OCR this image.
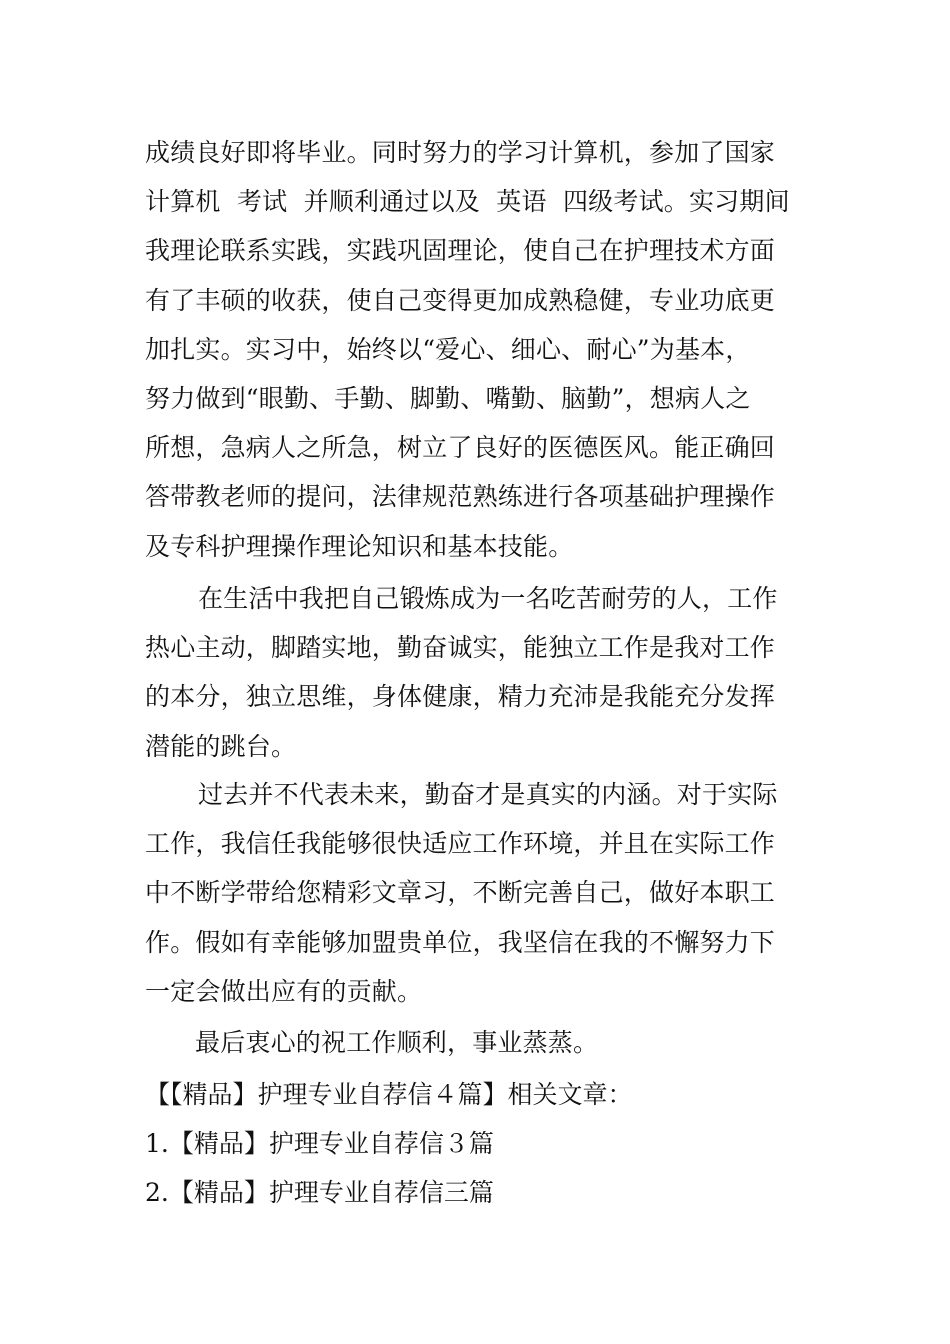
成绩良好即将毕业。同时努力的学习计算机，参加了国家
计算机  考试  并顺利通过以及  英语  四级考试。实习期间
我理论联系实践，实践巩固理论，使自己在护理技术方面
有了丰硕的收获，使自己变得更加成熟稳健，专业功底更
加扎实。实习中，始终以“爱心、细心、耐心”为基本，
努力做到“眼勤、手勤、脚勤、嘴勤、脑勤”，想病人之
所想，急病人之所急，树立了良好的医德医风。能正确回
答带教老师的提问，法律规范熟练进行各项基础护理操作
及专科护理操作理论知识和基本技能。
在生活中我把自己锻炼成为一名吃苦耐劳的人，工作
热心主动，脚踏实地，勤奋诚实，能独立工作是我对工作
的本分，独立思维，身体健康，精力充沛是我能充分发挥
潜能的跳台。
过去并不代表未来，勤奋才是真实的内涵。对于实际
工作，我信任我能够很快适应工作环境，并且在实际工作
中不断学带给您精彩文章习，不断完善自己，做好本职工
作。假如有幸能够加盟贵单位，我坚信在我的不懈努力下
一定会做出应有的贡献。
最后衷心的祝工作顺利，事业蒸蒸。
【【精品】护理专业自荐信４篇】相关文章：
1.【精品】护理专业自荐信３篇
2.【精品】护理专业自荐信三篇
